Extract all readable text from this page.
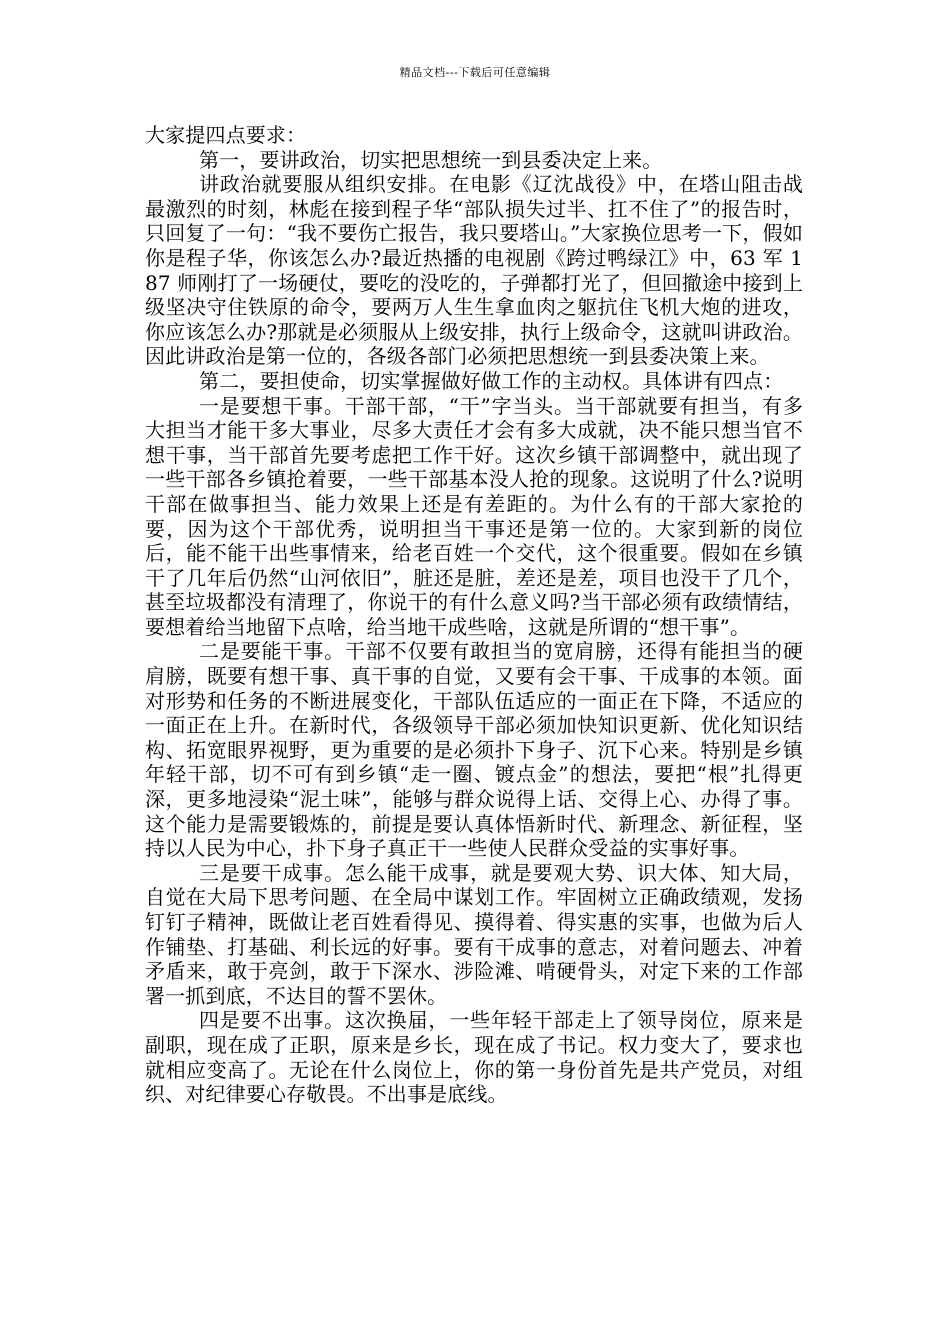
精品文档---下载后可任意编辑

大家提四点要求：

第一，要讲政治，切实把思想统一到县委决定上来。

讲政治就要服从组织安排。在电影《辽沈战役》中，在塔山阻击战最激烈的时刻，林彪在接到程子华“部队损失过半、扛不住了”的报告时，只回复了一句：“我不要伤亡报告，我只要塔山。”大家换位思考一下，假如你是程子华，你该怎么办?最近热播的电视剧《跨过鸭绿江》中，63 军 187 师刚打了一场硬仗，要吃的没吃的，子弹都打光了，但回撤途中接到上级坚决守住铁原的命令，要两万人生生拿血肉之躯抗住飞机大炮的进攻，你应该怎么办?那就是必须服从上级安排，执行上级命令，这就叫讲政治。因此讲政治是第一位的，各级各部门必须把思想统一到县委决策上来。

第二，要担使命，切实掌握做好做工作的主动权。具体讲有四点：

一是要想干事。干部干部，“干”字当头。当干部就要有担当，有多大担当才能干多大事业，尽多大责任才会有多大成就，决不能只想当官不想干事，当干部首先要考虑把工作干好。这次乡镇干部调整中，就出现了一些干部各乡镇抢着要，一些干部基本没人抢的现象。这说明了什么?说明干部在做事担当、能力效果上还是有差距的。为什么有的干部大家抢的要，因为这个干部优秀，说明担当干事还是第一位的。大家到新的岗位后，能不能干出些事情来，给老百姓一个交代，这个很重要。假如在乡镇干了几年后仍然“山河依旧”，脏还是脏，差还是差，项目也没干了几个，甚至垃圾都没有清理了，你说干的有什么意义吗?当干部必须有政绩情结，要想着给当地留下点啥，给当地干成些啥，这就是所谓的“想干事”。

二是要能干事。干部不仅要有敢担当的宽肩膀，还得有能担当的硬肩膀，既要有想干事、真干事的自觉，又要有会干事、干成事的本领。面对形势和任务的不断进展变化，干部队伍适应的一面正在下降，不适应的一面正在上升。在新时代，各级领导干部必须加快知识更新、优化知识结构、拓宽眼界视野，更为重要的是必须扑下身子、沉下心来。特别是乡镇年轻干部，切不可有到乡镇“走一圈、镀点金”的想法，要把“根”扎得更深，更多地浸染“泥土味”，能够与群众说得上话、交得上心、办得了事。这个能力是需要锻炼的，前提是要认真体悟新时代、新理念、新征程，坚持以人民为中心，扑下身子真正干一些使人民群众受益的实事好事。

三是要干成事。怎么能干成事，就是要观大势、识大体、知大局，自觉在大局下思考问题、在全局中谋划工作。牢固树立正确政绩观，发扬钉钉子精神，既做让老百姓看得见、摸得着、得实惠的实事，也做为后人作铺垫、打基础、利长远的好事。要有干成事的意志，对着问题去、冲着矛盾来，敢于亮剑，敢于下深水、涉险滩、啃硬骨头，对定下来的工作部署一抓到底，不达目的誓不罢休。

四是要不出事。这次换届，一些年轻干部走上了领导岗位，原来是副职，现在成了正职，原来是乡长，现在成了书记。权力变大了，要求也就相应变高了。无论在什么岗位上，你的第一身份首先是共产党员，对组织、对纪律要心存敬畏。不出事是底线。
